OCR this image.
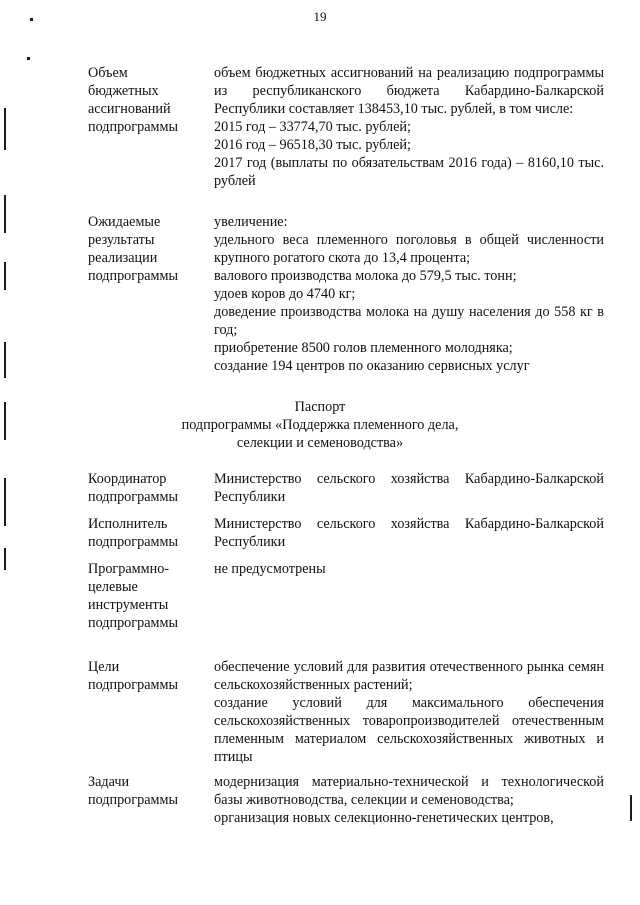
19
Объем
бюджетных
ассигнований
подпрограммы

объем бюджетных ассигнований на реализацию подпрограммы из республиканского бюджета Кабардино-Балкарской Республики составляет 138453,10 тыс. рублей, в том числе:

2015 год – 33774,70 тыс. рублей;

2016 год – 96518,30 тыс. рублей;

2017 год (выплаты по обязательствам 2016 года) – 8160,10 тыс. рублей

Ожидаемые
результаты
реализации
подпрограммы

увеличение:

удельного веса племенного поголовья в общей численности крупного рогатого скота до 13,4 процента;

валового производства молока до 579,5 тыс. тонн;

удоев коров до 4740 кг;

доведение производства молока на душу населения до 558 кг в год;

приобретение 8500 голов племенного молодняка;

создание 194 центров по оказанию сервисных услуг

Паспорт
подпрограммы «Поддержка племенного дела,
селекции и семеноводства»
Координатор
подпрограммы

Министерство сельского хозяйства Кабардино-Балкарской Республики

Исполнитель
подпрограммы

Министерство сельского хозяйства Кабардино-Балкарской Республики

Программно-
целевые
инструменты
подпрограммы

не предусмотрены

Цели
подпрограммы

обеспечение условий для развития отечественного рынка семян сельскохозяйственных растений;

создание условий для максимального обеспечения сельскохозяйственных товаропроизводителей отечественным племенным материалом сельскохозяйственных животных и птицы

Задачи
подпрограммы

модернизация материально-технической и технологической базы животноводства, селекции и семеноводства;

организация новых селекционно-генетических центров,
